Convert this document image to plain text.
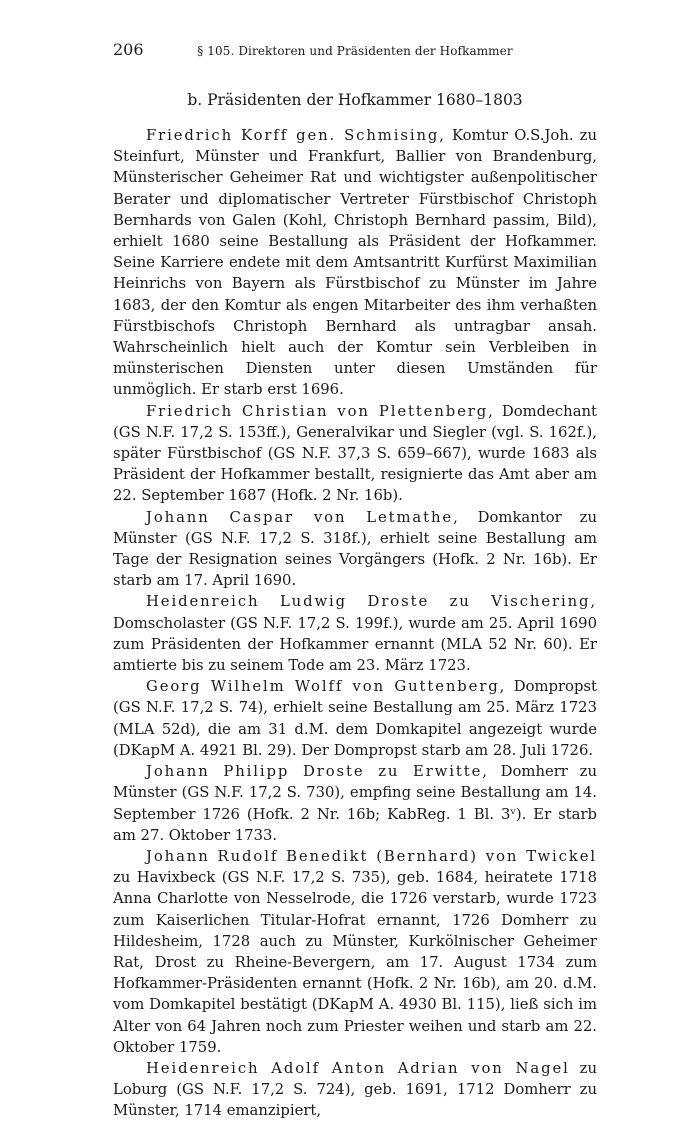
206	§ 105. Direktoren und Präsidenten der Hofkammer
b. Präsidenten der Hofkammer 1680–1803

Friedrich Korff gen. Schmising, Komtur O.S.Joh. zu Steinfurt, Münster und Frankfurt, Ballier von Brandenburg, Münsterischer Geheimer Rat und wichtigster außenpolitischer Berater und diplomatischer Vertreter Fürstbischof Christoph Bernhards von Galen (Kohl, Christoph Bernhard passim, Bild), erhielt 1680 seine Bestallung als Präsident der Hofkammer. Seine Karriere endete mit dem Amtsantritt Kurfürst Maximilian Heinrichs von Bayern als Fürstbischof zu Münster im Jahre 1683, der den Komtur als engen Mitarbeiter des ihm verhaßten Fürstbischofs Christoph Bernhard als untragbar ansah. Wahrscheinlich hielt auch der Komtur sein Verbleiben in münsterischen Diensten unter diesen Umständen für unmöglich. Er starb erst 1696.

Friedrich Christian von Plettenberg, Domdechant (GS N.F. 17,2 S. 153ff.), Generalvikar und Siegler (vgl. S. 162f.), später Fürstbischof (GS N.F. 37,3 S. 659–667), wurde 1683 als Präsident der Hofkammer bestallt, resignierte das Amt aber am 22. September 1687 (Hofk. 2 Nr. 16b).

Johann Caspar von Letmathe, Domkantor zu Münster (GS N.F. 17,2 S. 318f.), erhielt seine Bestallung am Tage der Resignation seines Vorgängers (Hofk. 2 Nr. 16b). Er starb am 17. April 1690.

Heidenreich Ludwig Droste zu Vischering, Domscholaster (GS N.F. 17,2 S. 199f.), wurde am 25. April 1690 zum Präsidenten der Hofkammer ernannt (MLA 52 Nr. 60). Er amtierte bis zu seinem Tode am 23. März 1723.

Georg Wilhelm Wolff von Guttenberg, Dompropst (GS N.F. 17,2 S. 74), erhielt seine Bestallung am 25. März 1723 (MLA 52d), die am 31 d.M. dem Domkapitel angezeigt wurde (DKapM A. 4921 Bl. 29). Der Dompropst starb am 28. Juli 1726.

Johann Philipp Droste zu Erwitte, Domherr zu Münster (GS N.F. 17,2 S. 730), empfing seine Bestallung am 14. September 1726 (Hofk. 2 Nr. 16b; KabReg. 1 Bl. 3ᵛ). Er starb am 27. Oktober 1733.

Johann Rudolf Benedikt (Bernhard) von Twickel zu Havixbeck (GS N.F. 17,2 S. 735), geb. 1684, heiratete 1718 Anna Charlotte von Nesselrode, die 1726 verstarb, wurde 1723 zum Kaiserlichen Titular-Hofrat ernannt, 1726 Domherr zu Hildesheim, 1728 auch zu Münster, Kurkölnischer Geheimer Rat, Drost zu Rheine-Bevergern, am 17. August 1734 zum Hofkammer-Präsidenten ernannt (Hofk. 2 Nr. 16b), am 20. d.M. vom Domkapitel bestätigt (DKapM A. 4930 Bl. 115), ließ sich im Alter von 64 Jahren noch zum Priester weihen und starb am 22. Oktober 1759.

Heidenreich Adolf Anton Adrian von Nagel zu Loburg (GS N.F. 17,2 S. 724), geb. 1691, 1712 Domherr zu Münster, 1714 emanzipiert,
